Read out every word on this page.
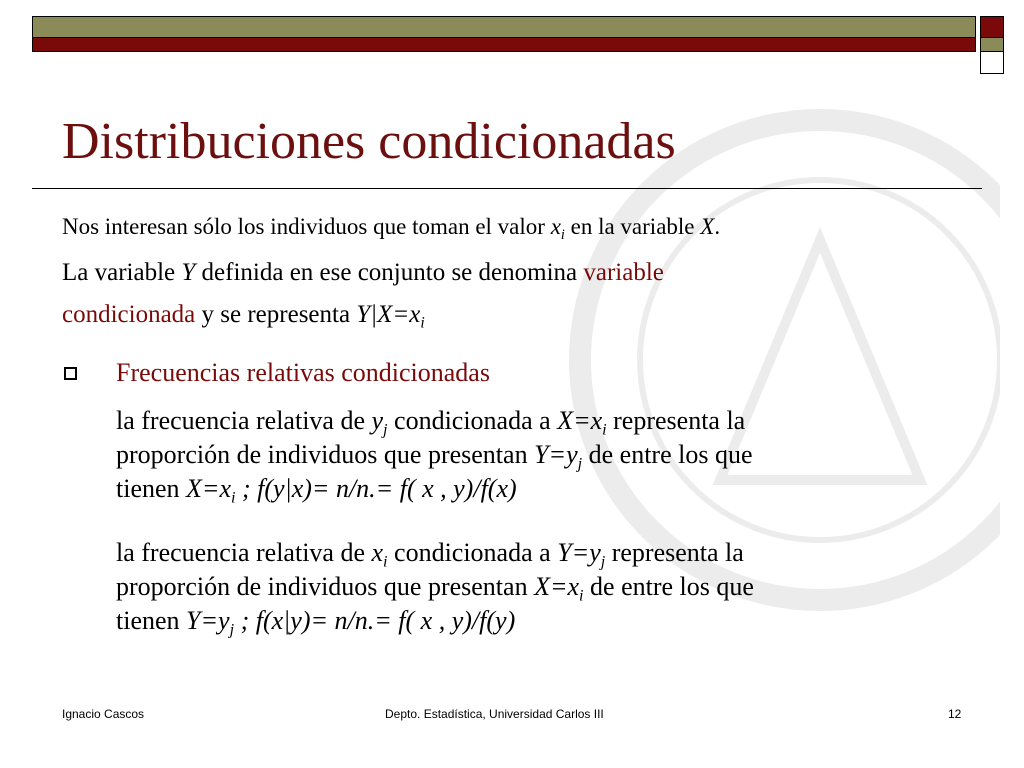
Distribuciones condicionadas
Nos interesan sólo los individuos que toman el valor $x_i$ en la variable X.
La variable Y definida en ese conjunto se denomina variable
condicionada y se representa $Y|X=x_i$
Frecuencias relativas condicionadas
la frecuencia relativa de $y_j$ condicionada a $X=x_i$ representa la
proporción de individuos que presentan $Y=y_j$ de entre los que
tienen $X=x_i$ ; f(y|x)= n/n.= f( x , y)/f(x)
la frecuencia relativa de $x_i$ condicionada a $Y=y_j$ representa la
proporción de individuos que presentan $X=x_i$ de entre los que
tienen $Y=y_j$ ; f(x|y)= n/n.= f( x , y)/f(y)
Ignacio Cascos	Depto. Estadística, Universidad Carlos III	12
